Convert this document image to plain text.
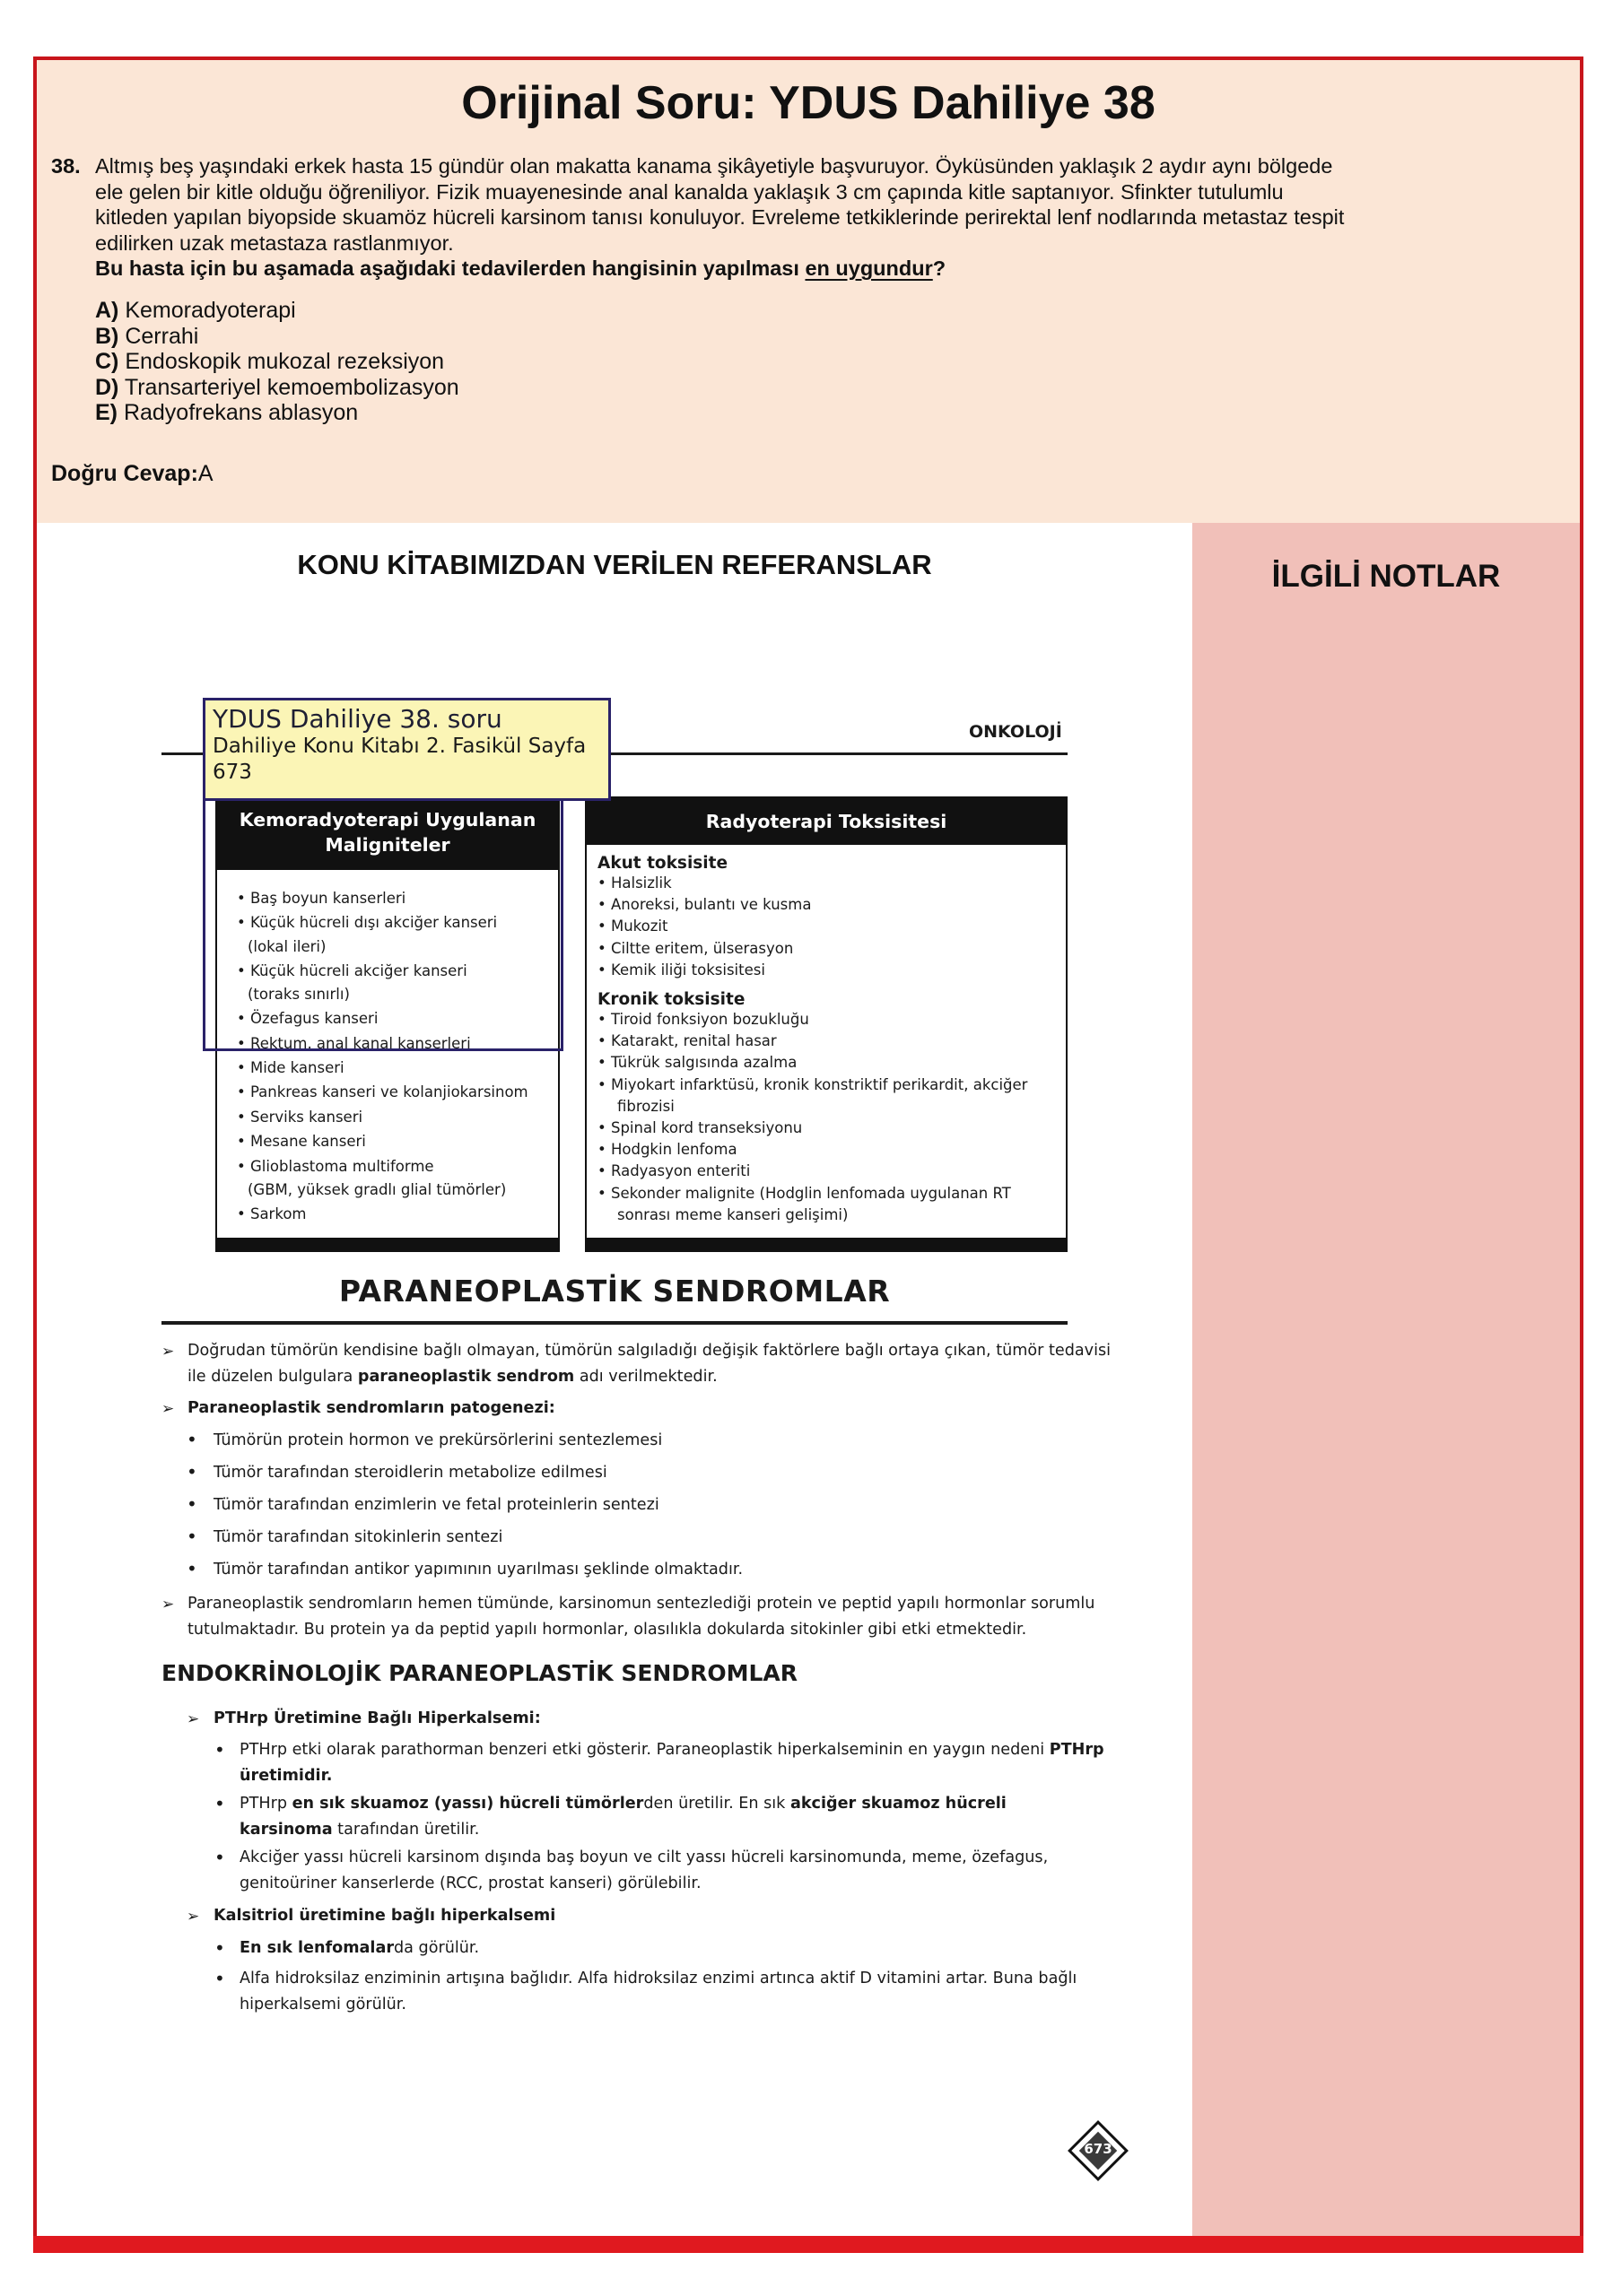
Orijinal Soru: YDUS Dahiliye 38
38. Altmış beş yaşındaki erkek hasta 15 gündür olan makatta kanama şikâyetiyle başvuruyor. Öyküsünden yaklaşık 2 aydır aynı bölgede
ele gelen bir kitle olduğu öğreniliyor. Fizik muayenesinde anal kanalda yaklaşık 3 cm çapında kitle saptanıyor. Sfinkter tutulumlu
kitleden yapılan biyopside skuamöz hücreli karsinom tanısı konuluyor. Evreleme tetkiklerinde perirektal lenf nodlarında metastaz tespit
edilirken uzak metastaza rastlanmıyor.
Bu hasta için bu aşamada aşağıdaki tedavilerden hangisinin yapılması en uygundur?
A) Kemoradyoterapi
B) Cerrahi
C) Endoskopik mukozal rezeksiyon
D) Transarteriyel kemoembolizasyon
E) Radyofrekans ablasyon
Doğru Cevap:A
İLGİLİ NOTLAR
KONU KİTABIMIZDAN VERİLEN REFERANSLAR
ONKOLOJİ
Kemoradyoterapi Uygulanan
Maligniteler
• Baş boyun kanserleri
• Küçük hücreli dışı akciğer kanseri
(lokal ileri)
• Küçük hücreli akciğer kanseri
(toraks sınırlı)
• Özefagus kanseri
• Rektum, anal kanal kanserleri
• Mide kanseri
• Pankreas kanseri ve kolanjiokarsinom
• Serviks kanseri
• Mesane kanseri
• Glioblastoma multiforme
(GBM, yüksek gradlı glial tümörler)
• Sarkom
Radyoterapi Toksisitesi
Akut toksisite
• Halsizlik
• Anoreksi, bulantı ve kusma
• Mukozit
• Ciltte eritem, ülserasyon
• Kemik iliği toksisitesi
Kronik toksisite
• Tiroid fonksiyon bozukluğu
• Katarakt, renital hasar
• Tükrük salgısında azalma
• Miyokart infarktüsü, kronik konstriktif perikardit, akciğer
fibrozisi
• Spinal kord transeksiyonu
• Hodgkin lenfoma
• Radyasyon enteriti
• Sekonder malignite (Hodglin lenfomada uygulanan RT
sonrası meme kanseri gelişimi)
YDUS Dahiliye 38. soru
Dahiliye Konu Kitabı 2. Fasikül Sayfa
673
PARANEOPLASTİK SENDROMLAR
➢ Doğrudan tümörün kendisine bağlı olmayan, tümörün salgıladığı değişik faktörlere bağlı ortaya çıkan, tümör tedavisi
ile düzelen bulgulara paraneoplastik sendrom adı verilmektedir.
➢ Paraneoplastik sendromların patogenezi:
• Tümörün protein hormon ve prekürsörlerini sentezlemesi
• Tümör tarafından steroidlerin metabolize edilmesi
• Tümör tarafından enzimlerin ve fetal proteinlerin sentezi
• Tümör tarafından sitokinlerin sentezi
• Tümör tarafından antikor yapımının uyarılması şeklinde olmaktadır.
➢ Paraneoplastik sendromların hemen tümünde, karsinomun sentezlediği protein ve peptid yapılı hormonlar sorumlu
tutulmaktadır. Bu protein ya da peptid yapılı hormonlar, olasılıkla dokularda sitokinler gibi etki etmektedir.
ENDOKRİNOLOJİK PARANEOPLASTİK SENDROMLAR
➢ PTHrp Üretimine Bağlı Hiperkalsemi:
• PTHrp etki olarak parathorman benzeri etki gösterir. Paraneoplastik hiperkalseminin en yaygın nedeni PTHrp
üretimidir.
• PTHrp en sık skuamoz (yassı) hücreli tümörlerden üretilir. En sık akciğer skuamoz hücreli
karsinoma tarafından üretilir.
• Akciğer yassı hücreli karsinom dışında baş boyun ve cilt yassı hücreli karsinomunda, meme, özefagus,
genitoüriner kanserlerde (RCC, prostat kanseri) görülebilir.
➢ Kalsitriol üretimine bağlı hiperkalsemi
• En sık lenfomalarda görülür.
• Alfa hidroksilaz enziminin artışına bağlıdır. Alfa hidroksilaz enzimi artınca aktif D vitamini artar. Buna bağlı
hiperkalsemi görülür.
673
